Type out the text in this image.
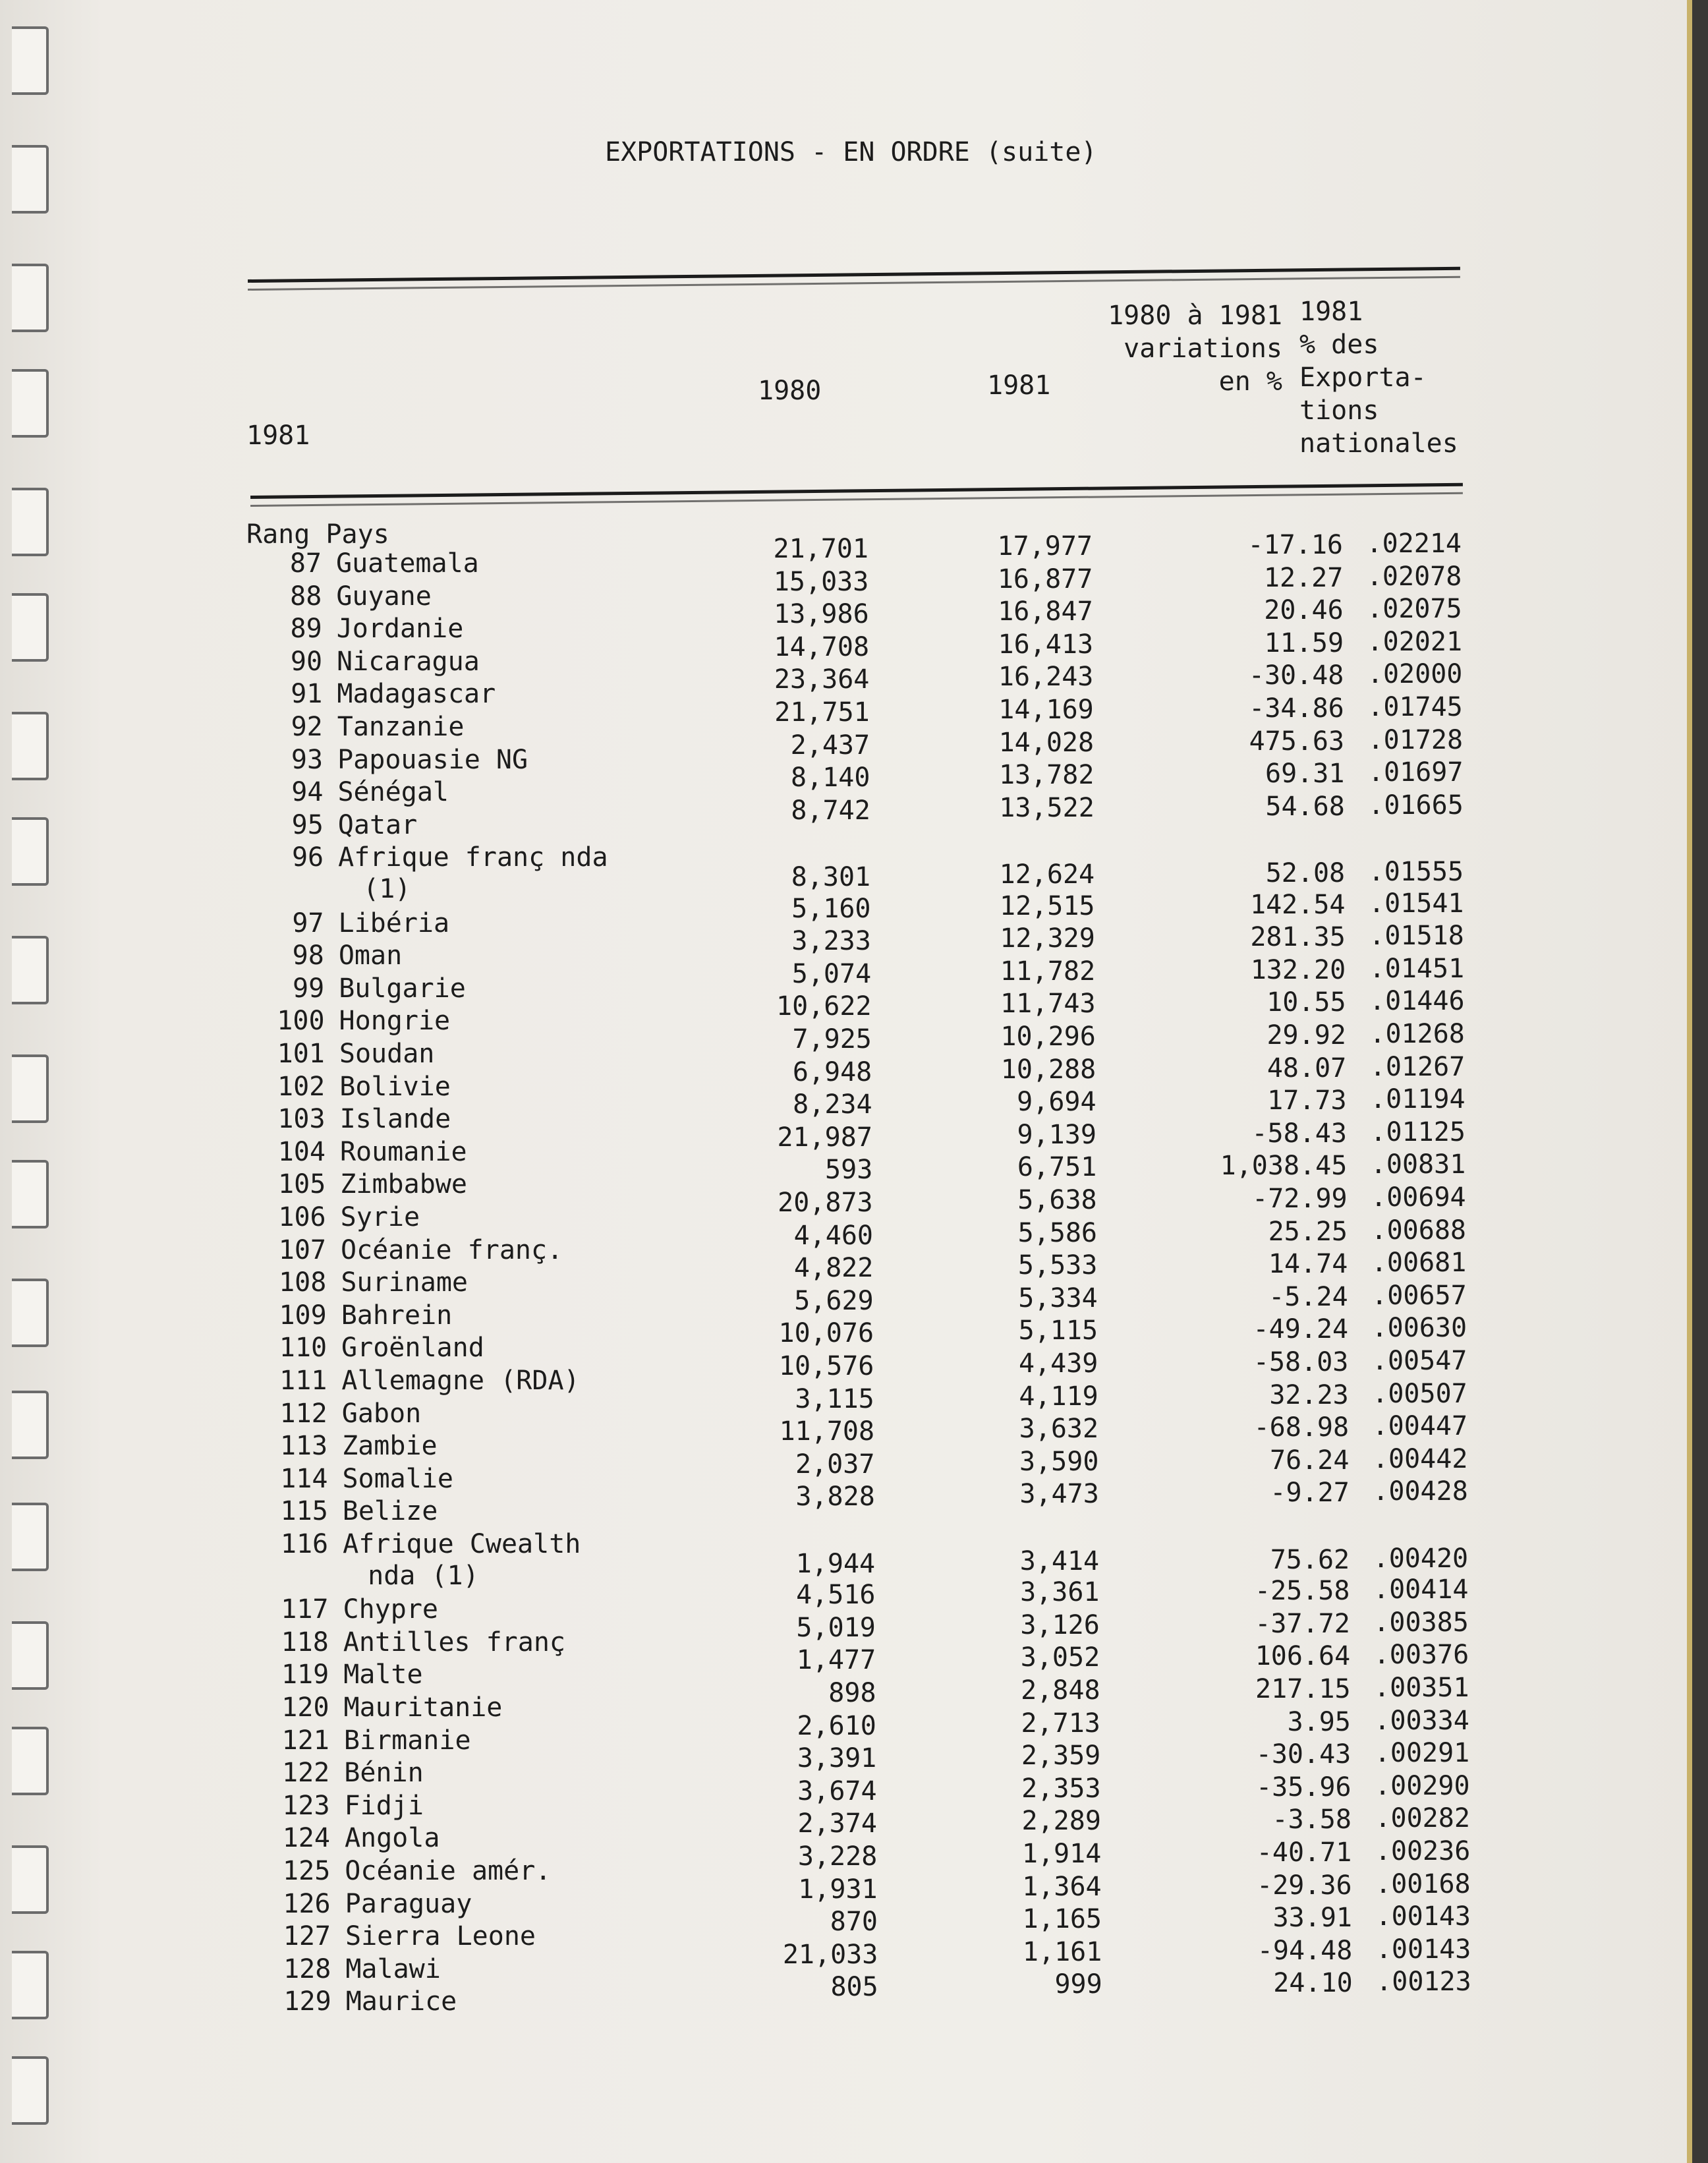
EXPORTATIONS - EN ORDRE (suite)

1981

Rang Pays

1980	1981
1980 à 1981
variations
en %
1981
% des
Exporta-
tions
nationales
87 Guatemala	21,701	17,977	-17.16 .02214
88 Guyane	15,033	16,877	12.27 .02078
89 Jordanie	13,986	16,847	20.46 .02075
90 Nicaragua	14,708	16,413	11.59 .02021
91 Madagascar	23,364	16,243	-30.48 .02000
92 Tanzanie	21,751	14,169	-34.86 .01745
93 Papouasie NG	2,437	14,028	475.63 .01728
94 Sénégal	8,140	13,782	69.31 .01697
95 Qatar	8,742	13,522	54.68 .01665
96 Afrique franç nda
(1)	8,301	12,624	52.08 .01555
97 Libéria	5,160	12,515	142.54 .01541
98 Oman	3,233	12,329	281.35 .01518
99 Bulgarie	5,074	11,782	132.20 .01451
100 Hongrie	10,622	11,743	10.55 .01446
101 Soudan	7,925	10,296	29.92 .01268
102 Bolivie	6,948	10,288	48.07 .01267
103 Islande	8,234	9,694	17.73 .01194
104 Roumanie	21,987	9,139	-58.43 .01125
105 Zimbabwe	593	6,751	1,038.45 .00831
106 Syrie	20,873	5,638	-72.99 .00694
107 Océanie franç.	4,460	5,586	25.25 .00688
108 Suriname	4,822	5,533	14.74 .00681
109 Bahrein	5,629	5,334	-5.24 .00657
110 Groënland	10,076	5,115	-49.24 .00630
111 Allemagne (RDA)	10,576	4,439	-58.03 .00547
112 Gabon	3,115	4,119	32.23 .00507
113 Zambie	11,708	3,632	-68.98 .00447
114 Somalie	2,037	3,590	76.24 .00442
115 Belize	3,828	3,473	-9.27 .00428
116 Afrique Cwealth
nda (1)	1,944	3,414	75.62 .00420
117 Chypre	4,516	3,361	-25.58 .00414
118 Antilles franç	5,019	3,126	-37.72 .00385
119 Malte	1,477	3,052	106.64 .00376
120 Mauritanie	898	2,848	217.15 .00351
121 Birmanie	2,610	2,713	3.95 .00334
122 Bénin	3,391	2,359	-30.43 .00291
123 Fidji	3,674	2,353	-35.96 .00290
124 Angola	2,374	2,289	-3.58 .00282
125 Océanie amér.	3,228	1,914	-40.71 .00236
126 Paraguay	1,931	1,364	-29.36 .00168
127 Sierra Leone	870	1,165	33.91 .00143
128 Malawi	21,033	1,161	-94.48 .00143
129 Maurice	805	999	24.10 .00123
